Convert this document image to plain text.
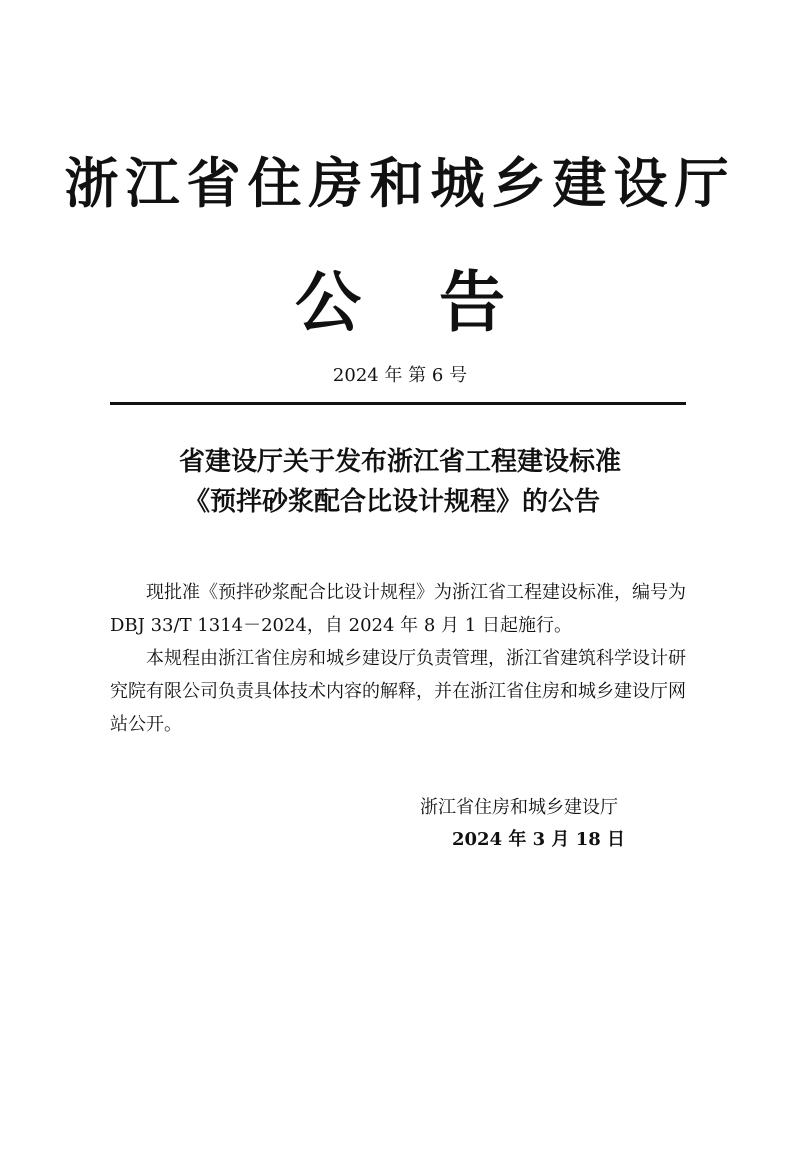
浙江省住房和城乡建设厅
公 告
2024 年 第 6 号
省建设厅关于发布浙江省工程建设标准
《预拌砂浆配合比设计规程》的公告

现批准《预拌砂浆配合比设计规程》为浙江省工程建设标准，编号为 DBJ 33/T 1314－2024，自 2024 年 8 月 1 日起施行。

本规程由浙江省住房和城乡建设厅负责管理，浙江省建筑科学设计研究院有限公司负责具体技术内容的解释，并在浙江省住房和城乡建设厅网站公开。

浙江省住房和城乡建设厅
2024 年 3 月 18 日
